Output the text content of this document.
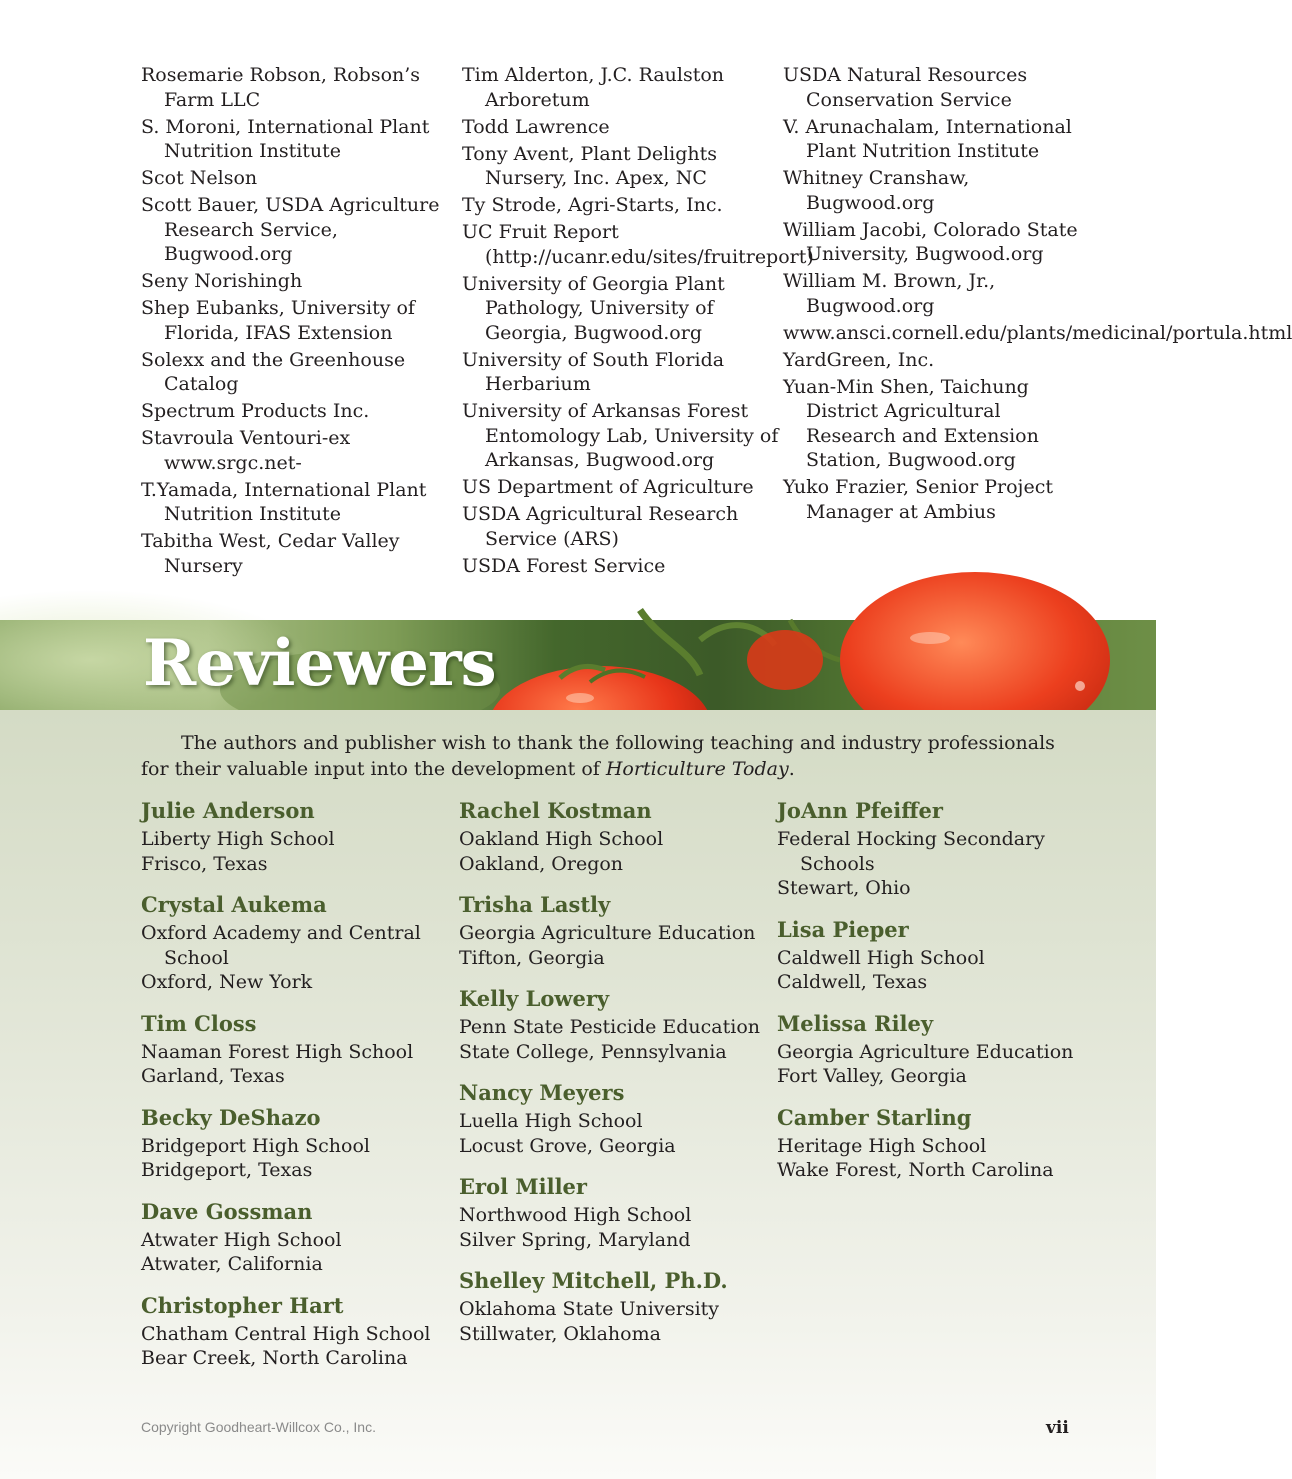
Rosemarie Robson, Robson’s Farm LLC
S. Moroni, International Plant Nutrition Institute
Scot Nelson
Scott Bauer, USDA Agriculture Research Service, Bugwood.org
Seny Norishingh
Shep Eubanks, University of Florida, IFAS Extension
Solexx and the Greenhouse Catalog
Spectrum Products Inc.
Stavroula Ventouri-ex www.srgc.net-
T.Yamada, International Plant Nutrition Institute
Tabitha West, Cedar Valley Nursery
Tim Alderton, J.C. Raulston Arboretum
Todd Lawrence
Tony Avent, Plant Delights Nursery, Inc. Apex, NC
Ty Strode, Agri-Starts, Inc.
UC Fruit Report (http://ucanr.edu/sites/fruitreport)
University of Georgia Plant Pathology, University of Georgia, Bugwood.org
University of South Florida Herbarium
University of Arkansas Forest Entomology Lab, University of Arkansas, Bugwood.org
US Department of Agriculture
USDA Agricultural Research Service (ARS)
USDA Forest Service
USDA Natural Resources Conservation Service
V. Arunachalam, International Plant Nutrition Institute
Whitney Cranshaw, Bugwood.org
William Jacobi, Colorado State University, Bugwood.org
William M. Brown, Jr., Bugwood.org
www.ansci.cornell.edu/plants/medicinal/portula.html
YardGreen, Inc.
Yuan-Min Shen, Taichung District Agricultural Research and Extension Station, Bugwood.org
Yuko Frazier, Senior Project Manager at Ambius
Reviewers

The authors and publisher wish to thank the following teaching and industry professionals for their valuable input into the development of Horticulture Today.

Julie Anderson
Liberty High School
Frisco, Texas
Crystal Aukema
Oxford Academy and Central School
Oxford, New York
Tim Closs
Naaman Forest High School
Garland, Texas
Becky DeShazo
Bridgeport High School
Bridgeport, Texas
Dave Gossman
Atwater High School
Atwater, California
Christopher Hart
Chatham Central High School
Bear Creek, North Carolina
Rachel Kostman
Oakland High School
Oakland, Oregon
Trisha Lastly
Georgia Agriculture Education
Tifton, Georgia
Kelly Lowery
Penn State Pesticide Education
State College, Pennsylvania
Nancy Meyers
Luella High School
Locust Grove, Georgia
Erol Miller
Northwood High School
Silver Spring, Maryland
Shelley Mitchell, Ph.D.
Oklahoma State University
Stillwater, Oklahoma
JoAnn Pfeiffer
Federal Hocking Secondary Schools
Stewart, Ohio
Lisa Pieper
Caldwell High School
Caldwell, Texas
Melissa Riley
Georgia Agriculture Education
Fort Valley, Georgia
Camber Starling
Heritage High School
Wake Forest, North Carolina
Copyright Goodheart-Willcox Co., Inc.	vii
